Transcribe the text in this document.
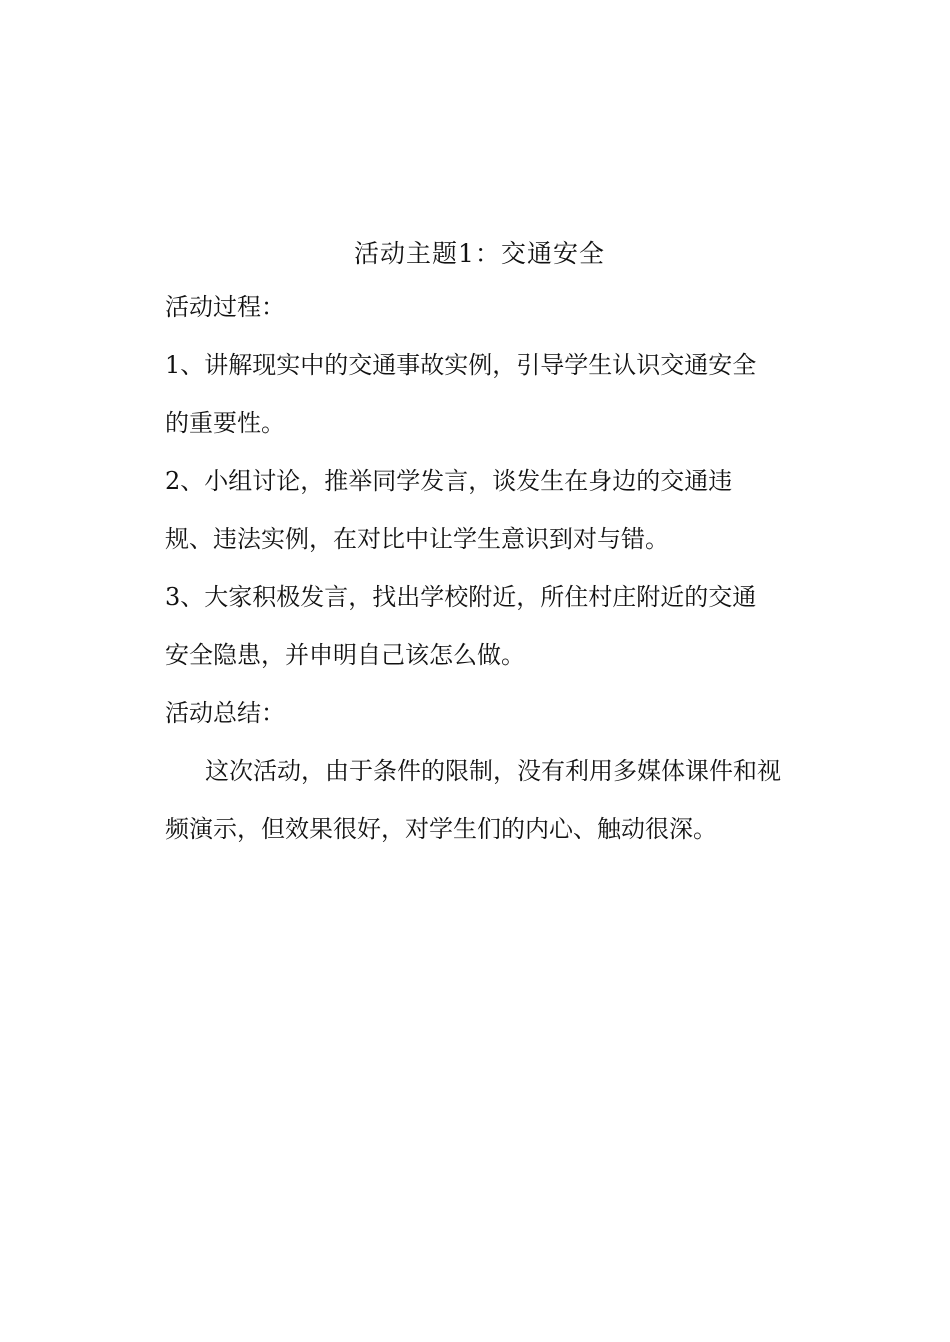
活动主题1：交通安全
活动过程：
1、讲解现实中的交通事故实例，引导学生认识交通安全的重要性。
2、小组讨论，推举同学发言，谈发生在身边的交通违规、违法实例，在对比中让学生意识到对与错。
3、大家积极发言，找出学校附近，所住村庄附近的交通安全隐患，并申明自己该怎么做。
活动总结：
这次活动，由于条件的限制，没有利用多媒体课件和视频演示，但效果很好，对学生们的内心、触动很深。
